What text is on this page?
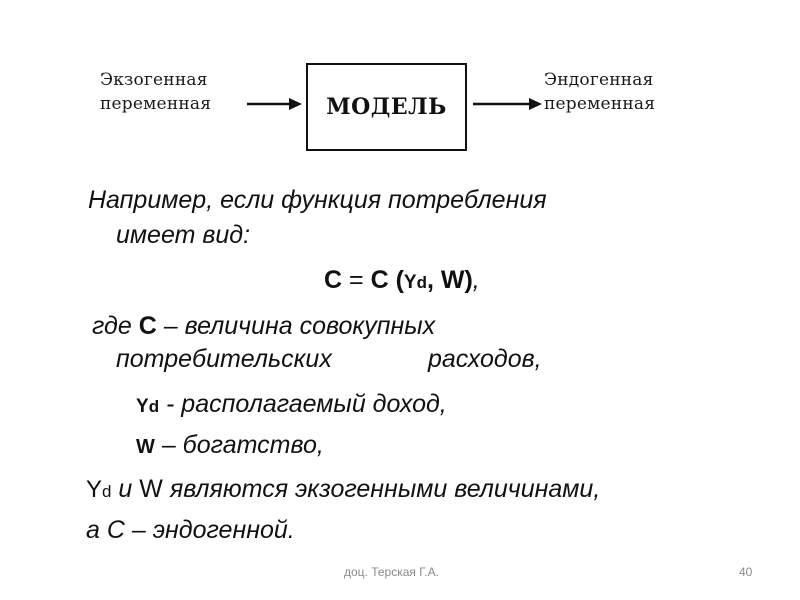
Экзогенная
переменная	МОДЕЛЬ
Эндогенная
переменная
Например, если функция потребления
имеет вид:
C = C (Yd, W),
где C – величина совокупных
потребительских	расходов,
Yd - располагаемый доход,
W – богатство,
Yd и W являются экзогенными величинами,
а C – эндогенной.
доц. Терская Г.А.	40
